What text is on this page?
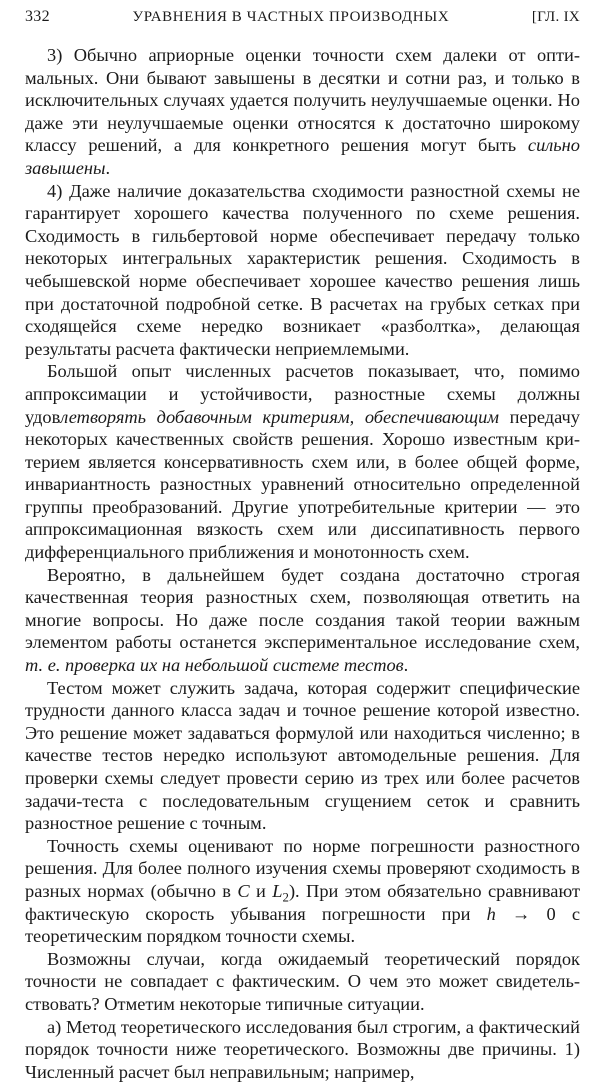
332	УРАВНЕНИЯ В ЧАСТНЫХ ПРОИЗВОДНЫХ	[ГЛ. IX

3) Обычно априорные оценки точности схем далеки от оптимальных. Они бывают завышены в десятки и сотни раз, и только в исключительных случаях удается получить неулучшаемые оценки. Но даже эти неулучшаемые оценки относятся к достаточно широкому классу решений, а для конкретного решения могут быть сильно завышены.

4) Даже наличие доказательства сходимости разностной схемы не гарантирует хорошего качества полученного по схеме решения. Сходимость в гильбертовой норме обеспечивает передачу только некоторых интегральных характеристик решения. Сходимость в чебышевской норме обеспечивает хорошее качество решения лишь при достаточной подробной сетке. В расчетах на грубых сетках при сходящейся схеме нередко возникает «разболтка», делающая результаты расчета фактически неприемлемыми.

Большой опыт численных расчетов показывает, что, помимо аппроксимации и устойчивости, разностные схемы должны удовлетворять добавочным критериям, обеспечивающим передачу некоторых качественных свойств решения. Хорошо известным критерием является консервативность схем или, в более общей форме, инвариантность разностных уравнений относительно определенной группы преобразований. Другие употребительные критерии — это аппроксимационная вязкость схем или диссипативность первого дифференциального приближения и монотонность схем.

Вероятно, в дальнейшем будет создана достаточно строгая качественная теория разностных схем, позволяющая ответить на многие вопросы. Но даже после создания такой теории важным элементом работы останется экспериментальное исследование схем, т. е. проверка их на небольшой системе тестов.

Тестом может служить задача, которая содержит специфические трудности данного класса задач и точное решение которой известно. Это решение может задаваться формулой или находиться численно; в качестве тестов нередко используют автомодельные решения. Для проверки схемы следует провести серию из трех или более расчетов задачи-теста с последовательным сгущением сеток и сравнить разностное решение с точным.

Точность схемы оценивают по норме погрешности разностного решения. Для более полного изучения схемы проверяют сходимость в разных нормах (обычно в C и $L_2$). При этом обязательно сравнивают фактическую скорость убывания погрешности при h → 0 с теоретическим порядком точности схемы.

Возможны случаи, когда ожидаемый теоретический порядок точности не совпадает с фактическим. О чем это может свидетельствовать? Отметим некоторые типичные ситуации.

а) Метод теоретического исследования был строгим, а фактический порядок точности ниже теоретического. Возможны две причины. 1) Численный расчет был неправильным; например,
